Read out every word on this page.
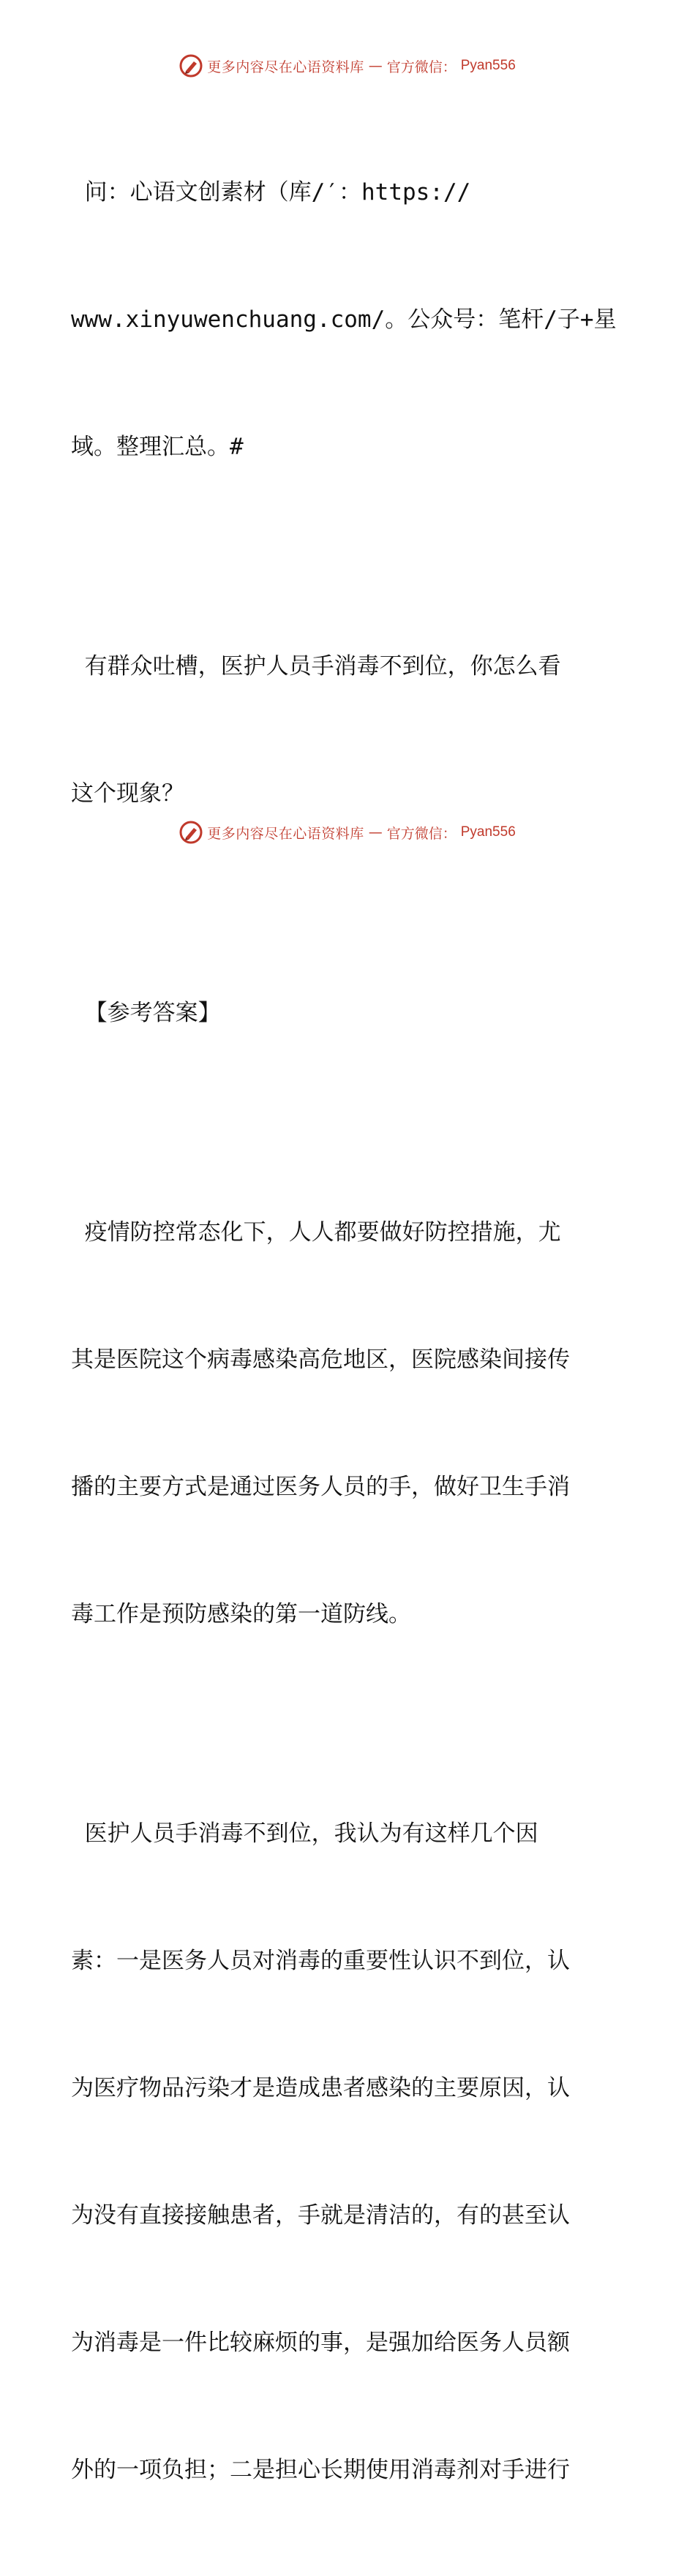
更多内容尽在心语资料库 — 官方微信： Pyan556

问：心语文创素材（库/′：https://

www.xinyuwenchuang.com/。公众号：笔杆/子+星

域。整理汇总。#

有群众吐槽，医护人员手消毒不到位，你怎么看

这个现象？

【参考答案】

疫情防控常态化下，人人都要做好防控措施，尤

其是医院这个病毒感染高危地区，医院感染间接传

播的主要方式是通过医务人员的手，做好卫生手消

毒工作是预防感染的第一道防线。

医护人员手消毒不到位，我认为有这样几个因

素：一是医务人员对消毒的重要性认识不到位，认

为医疗物品污染才是造成患者感染的主要原因，认

为没有直接接触患者，手就是清洁的，有的甚至认

为消毒是一件比较麻烦的事，是强加给医务人员额

外的一项负担；二是担心长期使用消毒剂对手进行

更多内容尽在心语资料库 — 官方微信： Pyan556
